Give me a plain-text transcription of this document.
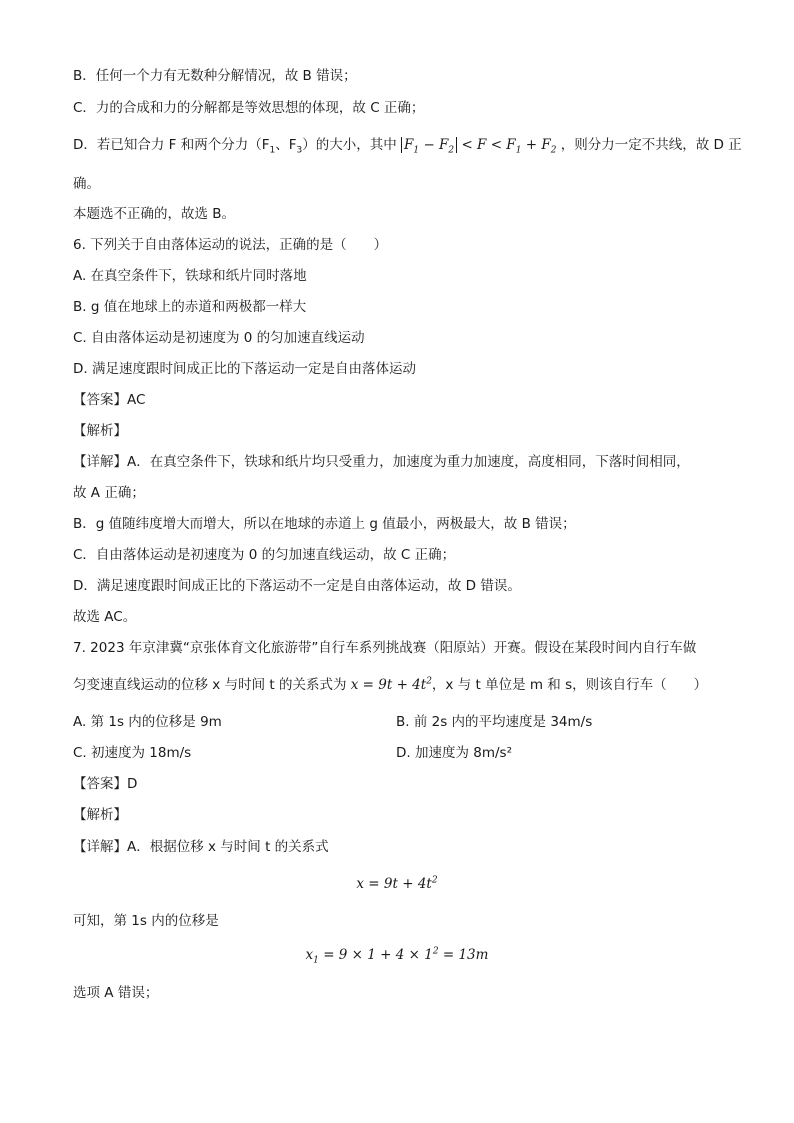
B．任何一个力有无数种分解情况，故 B 错误；
C．力的合成和力的分解都是等效思想的体现，故 C 正确；
D．若已知合力 F 和两个分力（$F_1$、$F_3$）的大小，其中 $F_1 - F_2 < F < F_1 + F_2$ ，则分力一定不共线，故 D 正
确。
本题选不正确的，故选 B。
6. 下列关于自由落体运动的说法，正确的是（　　）
A. 在真空条件下，铁球和纸片同时落地
B. g 值在地球上的赤道和两极都一样大
C. 自由落体运动是初速度为 0 的匀加速直线运动
D. 满足速度跟时间成正比的下落运动一定是自由落体运动
【答案】AC
【解析】
【详解】A．在真空条件下，铁球和纸片均只受重力，加速度为重力加速度，高度相同，下落时间相同，
故 A 正确；
B．g 值随纬度增大而增大，所以在地球的赤道上 g 值最小，两极最大，故 B 错误；
C．自由落体运动是初速度为 0 的匀加速直线运动，故 C 正确；
D．满足速度跟时间成正比的下落运动不一定是自由落体运动，故 D 错误。
故选 AC。
7. 2023 年京津冀“京张体育文化旅游带”自行车系列挑战赛（阳原站）开赛。假设在某段时间内自行车做
匀变速直线运动的位移 x 与时间 t 的关系式为 $x = 9t + 4t^2$，x 与 t 单位是 m 和 s，则该自行车（　　）
A. 第 1s 内的位移是 9m	B. 前 2s 内的平均速度是 34m/s
C. 初速度为 18m/s	D. 加速度为 8m/s²
【答案】D
【解析】
【详解】A．根据位移 x 与时间 t 的关系式
$x = 9t + 4t^2$
可知，第 1s 内的位移是
$x_1 = 9 \times 1 + 4 \times 1^2 = 13m$
选项 A 错误；
